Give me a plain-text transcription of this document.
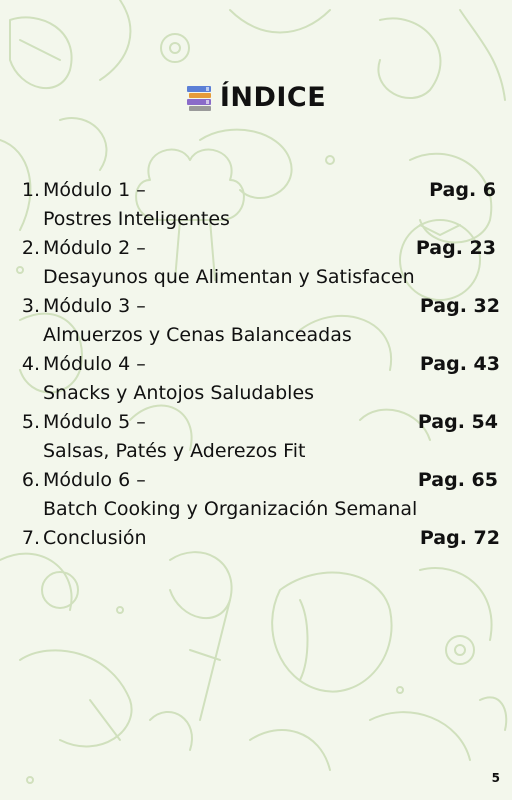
ÍNDICE
1. Módulo 1 –	Pag. 6
Postres Inteligentes
2. Módulo 2 –	Pag. 23
Desayunos que Alimentan y Satisfacen
3. Módulo 3 –	Pag. 32
Almuerzos y Cenas Balanceadas
4. Módulo 4 –	Pag. 43
Snacks y Antojos Saludables
5. Módulo 5 –	Pag. 54
Salsas, Patés y Aderezos Fit
6. Módulo 6 –	Pag. 65
Batch Cooking y Organización Semanal
7. Conclusión	Pag. 72
5
